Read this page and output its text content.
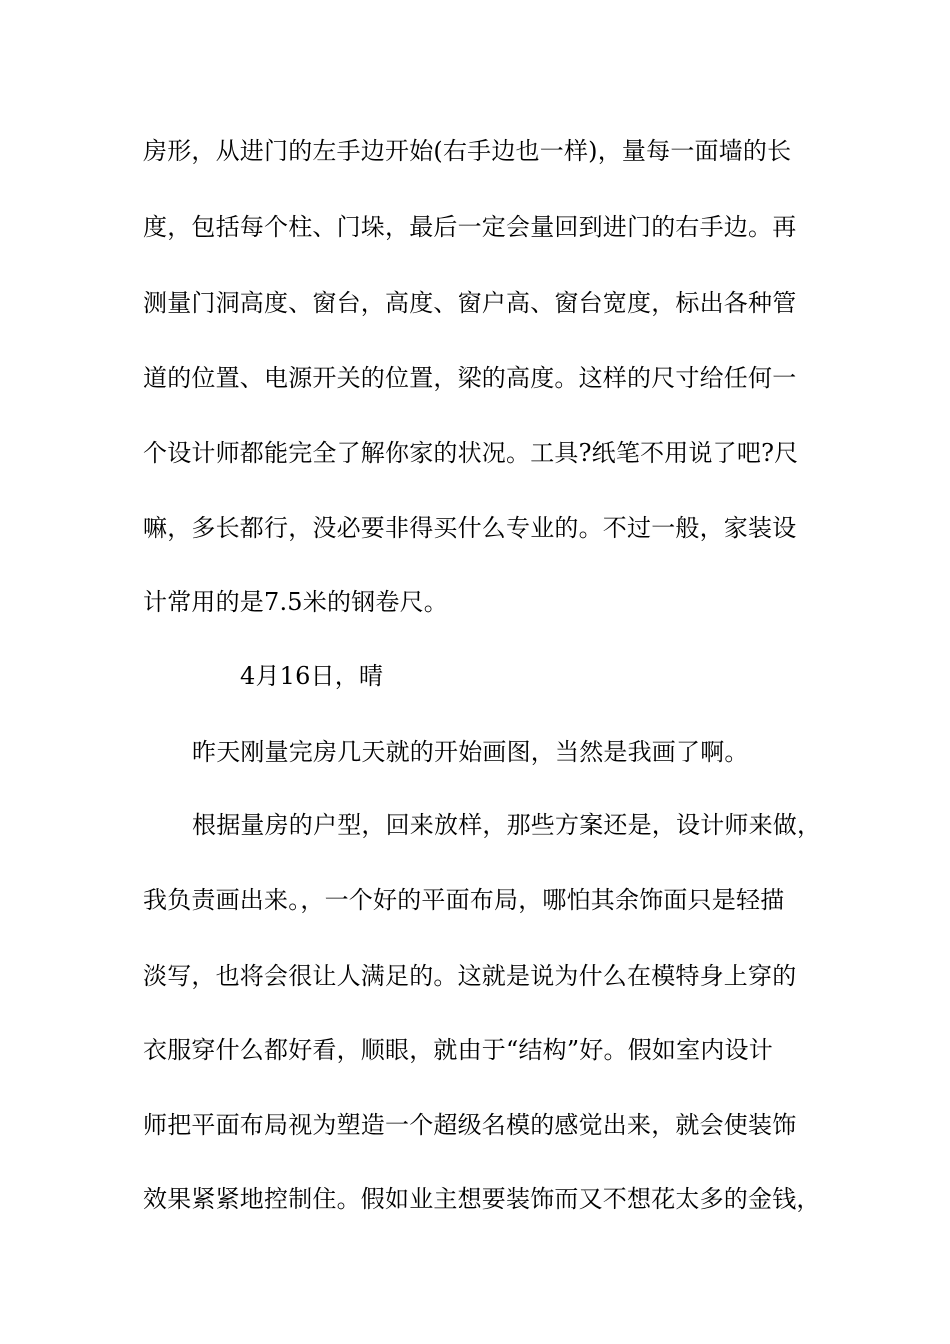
房形，从进门的左手边开始(右手边也一样)，量每一面墙的长

度，包括每个柱、门垛，最后一定会量回到进门的右手边。再

测量门洞高度、窗台，高度、窗户高、窗台宽度，标出各种管

道的位置、电源开关的位置，梁的高度。这样的尺寸给任何一

个设计师都能完全了解你家的状况。工具?纸笔不用说了吧?尺

嘛，多长都行，没必要非得买什么专业的。不过一般，家装设

计常用的是7.5米的钢卷尺。

4月16日，晴

昨天刚量完房几天就的开始画图，当然是我画了啊。

根据量房的户型，回来放样，那些方案还是，设计师来做，

我负责画出来。，一个好的平面布局，哪怕其余饰面只是轻描

淡写，也将会很让人满足的。这就是说为什么在模特身上穿的

衣服穿什么都好看，顺眼，就由于“结构”好。假如室内设计

师把平面布局视为塑造一个超级名模的感觉出来，就会使装饰

效果紧紧地控制住。假如业主想要装饰而又不想花太多的金钱，
